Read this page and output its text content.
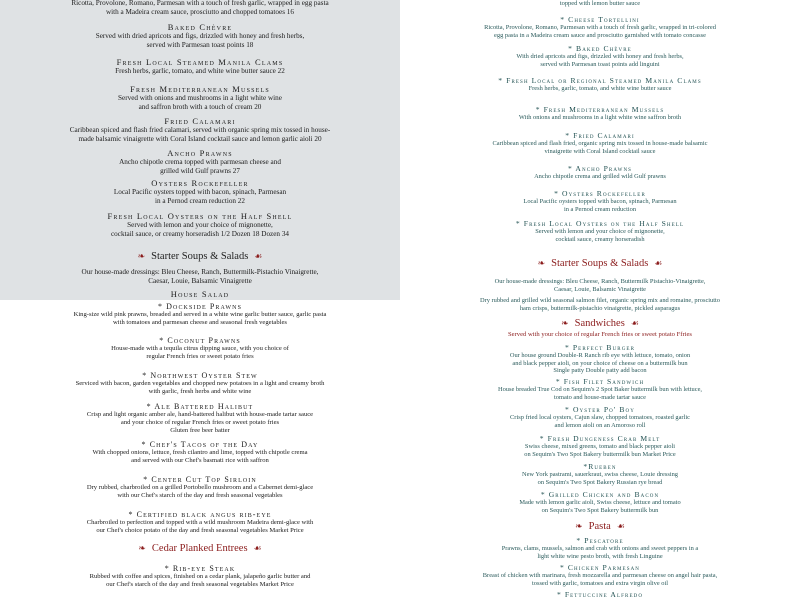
Ricotta, Provolone, Romano, Parmesan with a touch of fresh garlic, wrapped in egg pasta
with a Madeira cream sauce, prosciutto and chopped tomatoes 16
Baked Chèvre
Served with dried apricots and figs, drizzled with honey and fresh herbs,
served with Parmesan toast points 18
Fresh Local Steamed Manila Clams
Fresh herbs, garlic, tomato, and white wine butter sauce 22
Fresh Mediterranean Mussels
Served with onions and mushrooms in a light white wine
and saffron broth with a touch of cream 20
Fried Calamari
Caribbean spiced and flash fried calamari, served with organic spring mix tossed in house-
made balsamic vinaigrette with Coral Island cocktail sauce and lemon garlic aioli 20
Ancho Prawns
Ancho chipotle crema topped with parmesan cheese and
grilled wild Gulf prawns 27
Oysters Rockefeller
Local Pacific oysters topped with bacon, spinach, Parmesan
in a Pernod cream reduction 22
Fresh Local Oysters on the Half Shell
Served with lemon and your choice of mignonette,
cocktail sauce, or creamy horseradish 1/2 Dozen 18 Dozen 34
❧ Starter Soups & Salads ☙
Our house-made dressings: Bleu Cheese, Ranch, Buttermilk-Pistachio Vinaigrette,
Caesar, Louie, Balsamic Vinaigrette
House Salad
* Dockside Prawns
King-size wild pink prawns, breaded and served in a white wine garlic butter sauce, garlic pasta
with tomatoes and parmesan cheese and seasonal fresh vegetables
* Coconut Prawns
House-made with a tequila citrus dipping sauce, with you choice of
regular French fries or sweet potato fries
* Northwest Oyster Stew
Serviced with bacon, garden vegetables and chopped new potatoes in a light and creamy broth
with garlic, fresh herbs and white wine
* Ale Battered Halibut
Crisp and light organic amber ale, hand-battered halibut with house-made tartar sauce
and your choice of regular French fries or sweet potato fries
Gluten free beer batter
* Chef's Tacos of the Day
With chopped onions, lettuce, fresh cilantro and lime, topped with chipotle crema
and served with our Chef's basmati rice with saffron
* Center Cut Top Sirloin
Dry rubbed, charbroiled on a grilled Portobello mushroom and a Cabernet demi-glace
with our Chef's starch of the day and fresh seasonal vegetables
* Certified black angus rib-eye
Charbroiled to perfection and topped with a wild mushroom Madeira demi-glace with
our Chef's choice potato of the day and fresh seasonal vegetables Market Price
❧ Cedar Planked Entrees ☙
* Rib-eye Steak
Rubbed with coffee and spices, finished on a cedar plank, jalapeño garlic butter and
our Chef's starch of the day and fresh seasonal vegetables Market Price
topped with lemon butter sauce
* Cheese Tortellini
Ricotta, Provolone, Romano, Parmesan with a touch of fresh garlic, wrapped in tri-colored
egg pasta in a Madeira cream sauce and prosciutto garnished with tomato concasse
* Baked Chèvre
With dried apricots and figs, drizzled with honey and fresh herbs,
served with Parmesan toast points add linguini
* Fresh Local or Regional Steamed Manila Clams
Fresh herbs, garlic, tomato, and white wine butter sauce
* Fresh Mediterranean Mussels
With onions and mushrooms in a light white wine saffron broth
* Fried Calamari
Caribbean spiced and flash fried, organic spring mix tossed in house-made balsamic
vinaigrette with Coral Island cocktail sauce
* Ancho Prawns
Ancho chipotle crema and grilled wild Gulf prawns
* Oysters Rockefeller
Local Pacific oysters topped with bacon, spinach, Parmesan
in a Pernod cream reduction
* Fresh Local Oysters on the Half Shell
Served with lemon and your choice of mignonette,
cocktail sauce, creamy horseradish
❧ Starter Soups & Salads ☙
Our house-made dressings: Bleu Cheese, Ranch, Buttermilk Pistachio-Vinaigrette,
Caesar, Louie, Balsamic Vinaigrette
Dry rubbed and grilled wild seasonal salmon filet, organic spring mix and romaine, prosciutto
ham crisps, buttermilk-pistachio vinaigrette, pickled asparagus
❧ Sandwiches ☙
Served with your choice of regular French fries or sweet potato Ffries
* Perfect Burger
Our house ground Double-R Ranch rib eye with lettuce, tomato, onion
and black pepper aioli, on your choice of cheese on a buttermilk bun
Single patty Double patty add bacon
* Fish Filet Sandwich
House breaded True Cod on Sequim's 2 Spot Baker buttermilk bun with lettuce,
tomato and house-made tartar sauce
* Oyster Po' Boy
Crisp fried local oysters, Cajun slaw, chopped tomatoes, roasted garlic
and lemon aioli on an Amoroso roll
* Fresh Dungeness Crab Melt
Swiss cheese, mixed greens, tomato and black pepper aioli
on Sequim's Two Spot Bakery buttermilk bun Market Price
*Rueben
New York pastrami, sauerkraut, swiss cheese, Louie dressing
on Sequim's Two Spot Bakery Russian rye bread
* Grilled Chicken and Bacon
Made with lemon garlic aioli, Swiss cheese, lettuce and tomato
on Sequim's Two Spot Bakery buttermilk bun
❧ Pasta ☙
* Pescatore
Prawns, clams, mussels, salmon and crab with onions and sweet peppers in a
light white wine pesto broth, with fresh Linguine
* Chicken Parmesan
Breast of chicken with marinara, fresh mozzarella and parmesan cheese on angel hair pasta,
tossed with garlic, tomatoes and extra virgin olive oil
* Fettuccine Alfredo
